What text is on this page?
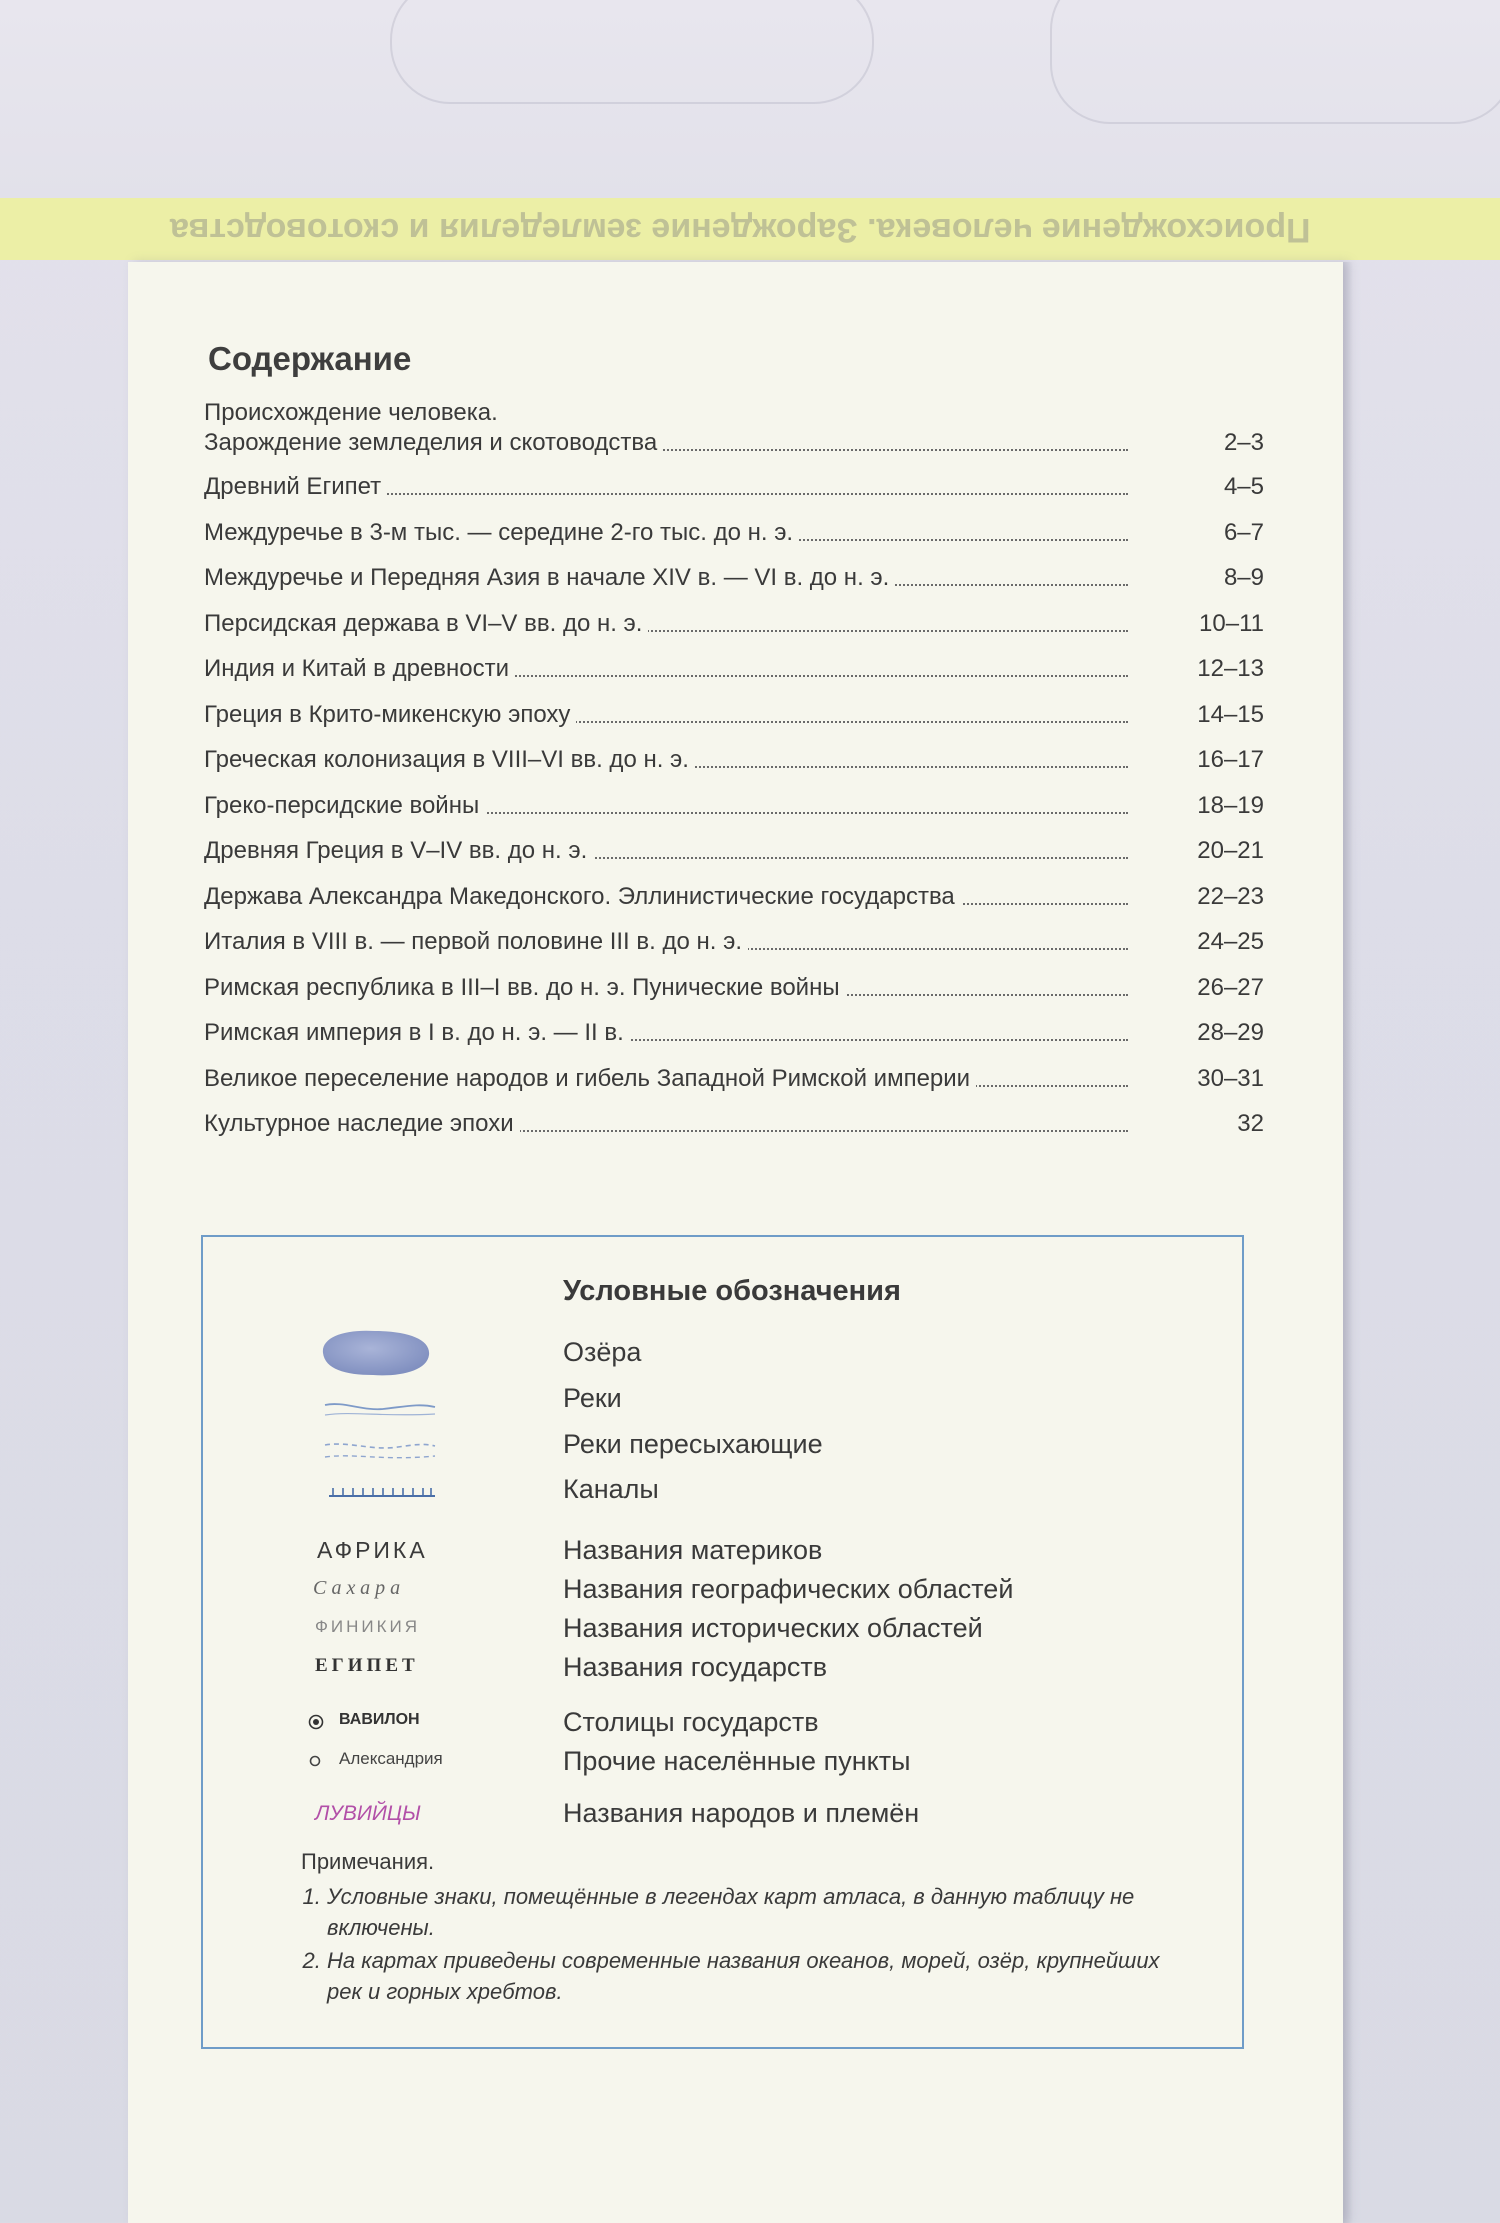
Происхождение человека. Зарождение земледелия и скотоводства
Содержание
Происхождение человека.
Зарождение земледелия и скотоводства	2–3
Древний Египет	4–5
Междуречье в 3-м тыс. — середине 2-го тыс. до н. э.	6–7
Междуречье и Передняя Азия в начале XIV в. — VI в. до н. э.	8–9
Персидская держава в VI–V вв. до н. э.	10–11
Индия и Китай в древности	12–13
Греция в Крито-микенскую эпоху	14–15
Греческая колонизация в VIII–VI вв. до н. э.	16–17
Греко-персидские войны	18–19
Древняя Греция в V–IV вв. до н. э.	20–21
Держава Александра Македонского. Эллинистические государства	22–23
Италия в VIII в. — первой половине III в. до н. э.	24–25
Римская республика в III–I вв. до н. э. Пунические войны	26–27
Римская империя в I в. до н. э. — II в.	28–29
Великое переселение народов и гибель Западной Римской империи	30–31
Культурное наследие эпохи	32
Условные обозначения
Озёра
Реки
Реки пересыхающие
Каналы
АФРИКА	Названия материков
Сахара	Названия географических областей
ФИНИКИЯ	Названия исторических областей
ЕГИПЕТ	Названия государств
ВАВИЛОН	Столицы государств
Александрия	Прочие населённые пункты
ЛУВИЙЦЫ	Названия народов и племён
Примечания.
1. Условные знаки, помещённые в легендах карт атласа, в данную таблицу не включены.
2. На картах приведены современные названия океанов, морей, озёр, крупнейших рек и горных хребтов.
